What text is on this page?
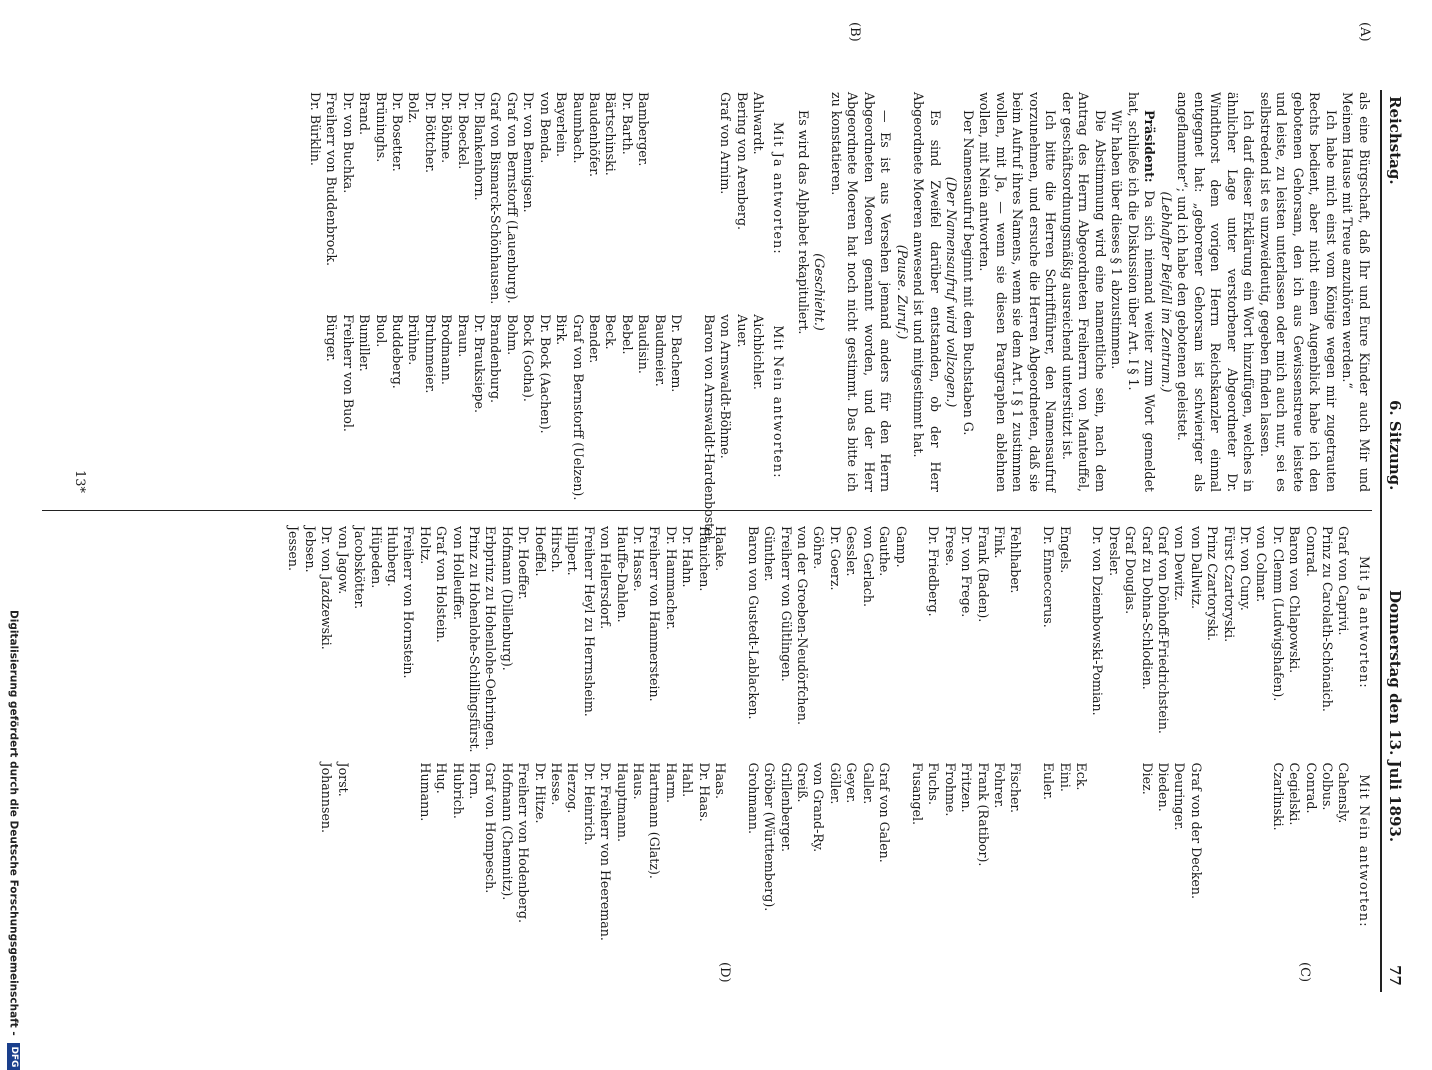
Reichstag.
6. Sitzung.
Donnerstag den 13. Juli 1893.
77
(A)
(B)
(C)
(D)

als eine Bürgschaft, daß Ihr und Eure Kinder auch Mir und Meinem Hause mit Treue anzuhören werden.“

Ich habe mich einst vom Könige wegen mir zugetrauten Rechts bedient, aber nicht einen Augenblick habe ich den gebotenen Gehorsam, den ich aus Gewissenstreue leistete und leiste, zu leisten unterlassen oder mich auch nur, sei es selbstredend ist es unzweideutig, gegeben finden lassen.

Ich darf dieser Erklärung ein Wort hinzufügen, welches in ähnlicher Lage unter verstorbener Abgeordneter Dr. Windthorst dem vorigen Herrn Reichskanzler einmal entgegnet hat: „geborener Gehorsam ist schwieriger als angeflammter“; und ich habe den gebotenen geleistet.

(Lebhafter Beifall im Zentrum.)

Präsident: Da sich niemand weiter zum Wort gemeldet hat, schließe ich die Diskussion über Art. I § 1.

Wir haben über dieses § 1 abzustimmen.

Die Abstimmung wird eine namentliche sein, nach dem Antrag des Herrn Abgeordneten Freiherrn von Manteuffel, der geschäftsordnungsmäßig ausreichend unterstützt ist.

Ich bitte die Herren Schriftführer, den Namensaufruf vorzunehmen, und ersuche die Herren Abgeordneten, daß sie beim Aufruf ihres Namens, wenn sie dem Art. I § 1 zustimmen wollen, mit Ja, — wenn sie diesen Paragraphen ablehnen wollen, mit Nein antworten.

Der Namensaufruf beginnt mit dem Buchstaben G.

(Der Namensaufruf wird vollzogen.)

Es sind Zweifel darüber entstanden, ob der Herr Abgeordnete Moeren anwesend ist und mitgestimmt hat.

(Pause. Zuruf.)

— Es ist aus Versehen jemand anders für den Herrn Abgeordneten Moeren genannt worden, und der Herr Abgeordnete Moeren hat noch nicht gestimmt. Das bitte ich zu konstatieren.

(Geschieht.)

Es wird das Alphabet rekapituliert.

Mit Ja antworten:
Mit Nein antworten:
Ahlwardt.
Bering von Arenberg.
Graf von Arnim.

Bamberger.
Dr. Barth.
Bärtschinski.
Baudenhöfer.
Baumbach.
Bayerlein.
von Benda.
Dr. von Bennigsen.
Graf von Bernstorff (Lauenburg).
Graf von Bismarck-Schönhausen.
Dr. Blankenhorn.
Dr. Boeckel.
Dr. Böhme.
Dr. Böttcher.
Bolz.
Dr. Bosetter.
Brüninghs.
Brand.
Dr. von Buchka.
Freiherr von Buddenbrock.
Dr. Bürklin.
Aichbichler.
Auer.
von Arnswaldt-Böhme.
Baron von Arnswaldt-Hardenbostel.

Dr. Bachem.
Baudmeier.
Baudisin.
Bebel.
Beck.
Bender.
Graf von Bernstorff (Uelzen).
Birk.
Dr. Bock (Aachen).
Bock (Gotha).
Bohm.
Brandenburg.
Dr. Brauksiepe.
Braun.
Brodmann.
Bruhnmeier.
Brühne.
Buddeberg.
Buol.
Bumiller.
Freiherr von Buol.
Bürger.
Mit Ja antworten:
Mit Nein antworten:
Graf von Caprivi.
Prinz zu Carolath-Schönaich.
Conrad.
Baron von Chlapowski.
Dr. Clemm (Ludwigshafen).
von Colmar.
Dr. von Cuny.
Fürst Czartoryski.
Prinz Czartoryski.
von Dallwitz.
von Dewitz.
Graf von Dönhoff-Friedrichstein.
Graf zu Dohna-Schlodien.
Graf Douglas.
Dresler.
Dr. von Dziembowski-Pomian.

Engels.
Dr. Enneccerus.

Fehlhaber.
Fink.
Frank (Baden).
Dr. von Frege.
Frese.
Dr. Friedberg.

Gamp.
Gauthe.
von Gerlach.
Gessler.
Dr. Goerz.
Göhre.
von der Groeben-Neudörfchen.
Freiherr von Gültlingen.
Günther.
Baron von Gustedt-Lablacken.

Haake.
Hänichen.
Dr. Hahn.
Dr. Hammacher.
Freiherr von Hammerstein.
Dr. Hasse.
Hauffe-Dahlen.
von Hellersdorf.
Freiherr Heyl zu Herrnsheim.
Hilpert.
Hirsch.
Hoeffel.
Dr. Hoeffer.
Hofmann (Dillenburg).
Erbprinz zu Hohenlohe-Oehringen.
Prinz zu Hohenlohe-Schillingsfürst.
von Holleuffer.
Graf von Holstein.
Holtz.
Freiherr von Hornstein.
Huhberg.
Hüpeden.
Jacobskötter.
von Jagow.
Dr. von Jazdzewski.
Jebsen.
Jessen.
Cahensly.
Colbus.
Conrad.
Cegielski.
Czarlinski.

Graf von der Decken.
Deuringer.
Dieden.
Diez.

Eck.
Eini.
Euler.

Fischer.
Fohrer.
Frank (Ratibor).
Fritzen.
Frohme.
Fuchs.
Fusangel.

Graf von Galen.
Galler.
Geyer.
Göller.
von Grand-Ry.
Greiß.
Grillenberger.
Gröber (Württemberg).
Grohmann.

Haas.
Dr. Haas.
Hahl.
Harm.
Hartmann (Glatz).
Haus.
Hauptmann.
Dr. Freiherr von Heereman.
Dr. Heinrich.
Herzog.
Hesse.
Dr. Hitze.
Freiherr von Hodenberg.
Hofmann (Chemnitz).
Graf von Hompesch.
Horn.
Hubrich.
Hug.
Humann.

Jorst.
Johannsen.
13*
Digitalisierung gefördert durch die Deutsche Forschungsgemeinschaft - DFG
